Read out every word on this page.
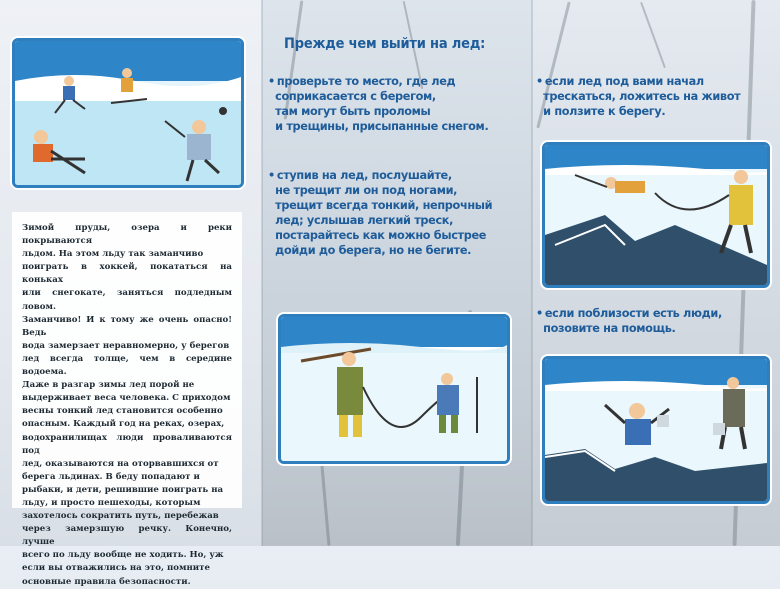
Зимой пруды, озера и реки покрываются
льдом. На этом льду так заманчиво
поиграть в хоккей, покататься на коньках
или снегокате, заняться подледным ловом.
Заманчиво! И к тому же очень опасно! Ведь
вода замерзает неравномерно, у берегов
лед всегда толще, чем в середине водоема.
Даже в разгар зимы лед порой не
выдерживает веса человека. С приходом
весны тонкий лед становится особенно
опасным. Каждый год на реках, озерах,
водохранилищах люди проваливаются под
лед, оказываются на оторвавшихся от
берега льдинах. В беду попадают и
рыбаки, и дети, решившие поиграть на
льду, и просто пешеходы, которым
захотелось сократить путь, перебежав
через замерзшую речку. Конечно, лучше
всего по льду вообще не ходить. Но, уж
если вы отважились на это, помните
основные правила безопасности.

Прежде чем выйти на лед:

• проверьте то место, где лед
соприкасается с берегом,
там могут быть проломы
и трещины, присыпанные снегом.

• ступив на лед, послушайте,
не трещит ли он под ногами,
трещит всегда тонкий, непрочный
лед; услышав легкий треск,
постарайтесь как можно быстрее
дойди до берега, но не бегите.

• если лед под вами начал
трескаться, ложитесь на живот
и ползите к берегу.

• если поблизости есть люди,
позовите на помощь.
